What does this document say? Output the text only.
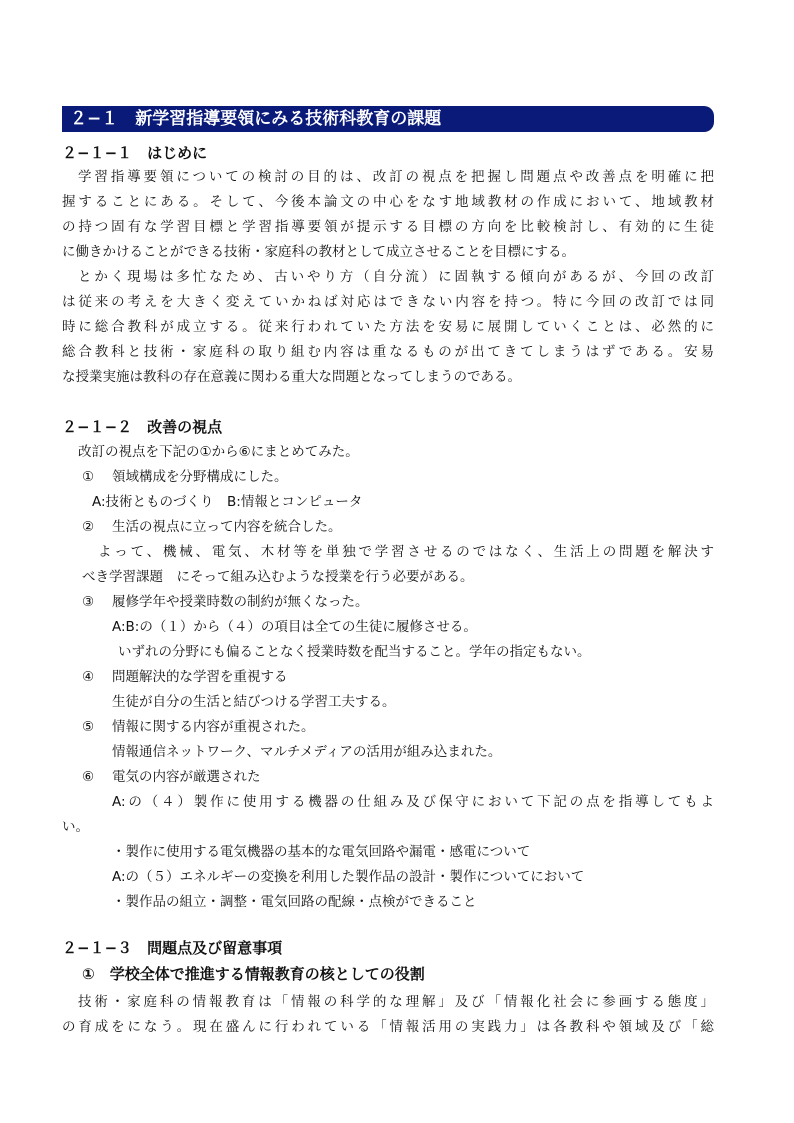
２−１　新学習指導要領にみる技術科教育の課題
２−１−１　はじめに
学習指導要領についての検討の目的は、改訂の視点を把握し問題点や改善点を明確に把
握することにある。そして、今後本論文の中心をなす地域教材の作成において、地域教材
の持つ固有な学習目標と学習指導要領が提示する目標の方向を比較検討し、有効的に生徒
に働きかけることができる技術・家庭科の教材として成立させることを目標にする。
とかく現場は多忙なため、古いやり方（自分流）に固執する傾向があるが、今回の改訂
は従来の考えを大きく変えていかねば対応はできない内容を持つ。特に今回の改訂では同
時に総合教科が成立する。従来行われていた方法を安易に展開していくことは、必然的に
総合教科と技術・家庭科の取り組む内容は重なるものが出てきてしまうはずである。安易
な授業実施は教科の存在意義に関わる重大な問題となってしまうのである。
２−１−２　改善の視点
改訂の視点を下記の①から⑥にまとめてみた。
① 領域構成を分野構成にした。
A:技術とものづくり　B:情報とコンピュータ
② 生活の視点に立って内容を統合した。
よって、機械、電気、木材等を単独で学習させるのではなく、生活上の問題を解決す
べき学習課題　にそって組み込むような授業を行う必要がある。
③ 履修学年や授業時数の制約が無くなった。
A:B:の（１）から（４）の項目は全ての生徒に履修させる。
いずれの分野にも偏ることなく授業時数を配当すること。学年の指定もない。
④ 問題解決的な学習を重視する
生徒が自分の生活と結びつける学習工夫する。
⑤ 情報に関する内容が重視された。
情報通信ネットワーク、マルチメディアの活用が組み込まれた。
⑥ 電気の内容が厳選された
A:の（４）製作に使用する機器の仕組み及び保守において下記の点を指導してもよ
い。
・製作に使用する電気機器の基本的な電気回路や漏電・感電について
A:の（５）エネルギーの変換を利用した製作品の設計・製作についてにおいて
・製作品の組立・調整・電気回路の配線・点検ができること
２−１−３　問題点及び留意事項
①　学校全体で推進する情報教育の核としての役割
技術・家庭科の情報教育は「情報の科学的な理解」及び「情報化社会に参画する態度」
の育成をになう。現在盛んに行われている「情報活用の実践力」は各教科や領域及び「総
